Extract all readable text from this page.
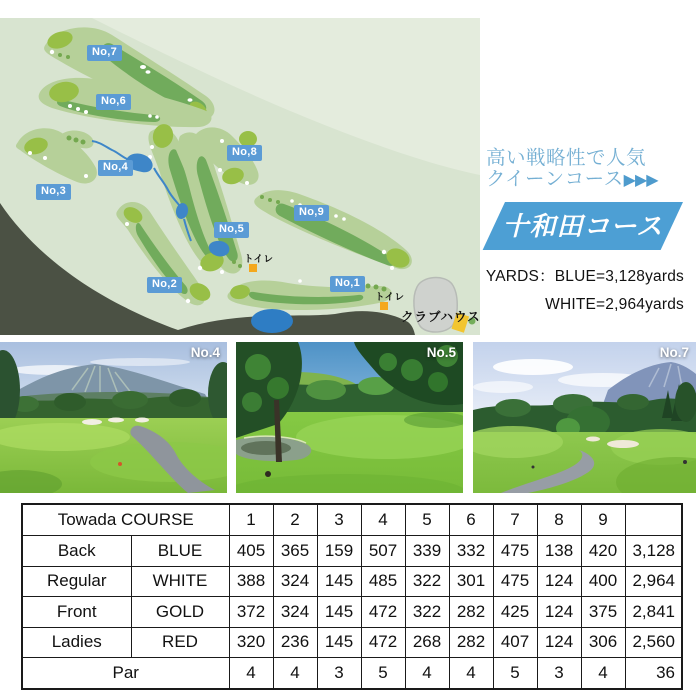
No,7
No,6
No,4
No,3
No,8
No,5
No,9
No,2	No,1
トイレ
トイレ
クラブハウス
高い戦略性で人気
クイーンコース▶▶▶
十和田コース
YARDS：BLUE=3,128yards
WHITE=2,964yards
No.4	No.5	No.7
Towada COURSE		1	2	3	4	5	6	7	8	9	
Back	BLUE	405	365	159	507	339	332	475	138	420	3,128
Regular	WHITE	388	324	145	485	322	301	475	124	400	2,964
Front	GOLD	372	324	145	472	322	282	425	124	375	2,841
Ladies	RED	320	236	145	472	268	282	407	124	306	2,560
Par		4	4	3	5	4	4	5	3	4	36
